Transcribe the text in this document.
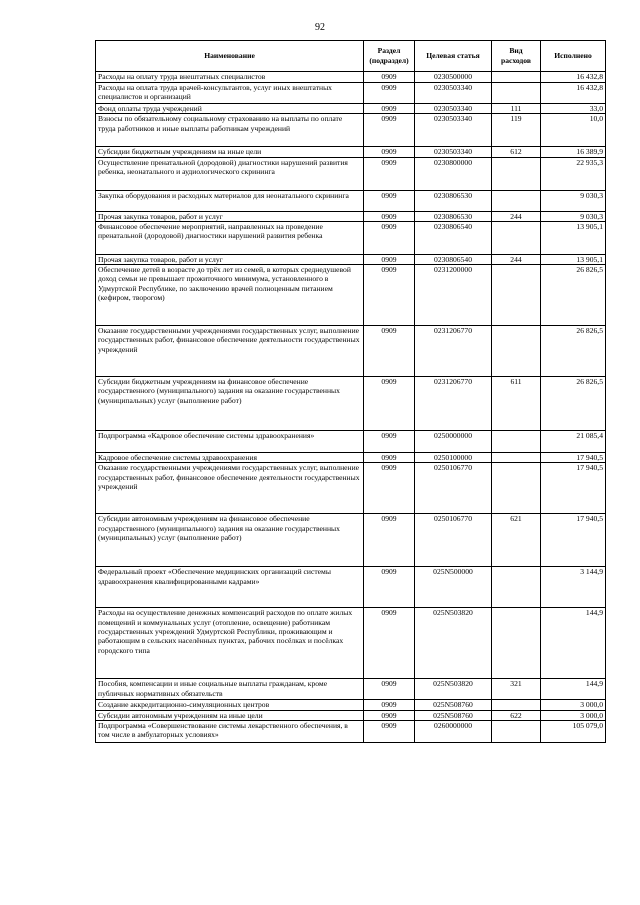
92
Наименование	Раздел (подраздел)	Целевая статья	Вид расходов	Исполнено
Расходы на оплату труда внештатных специалистов	0909	0230500000		16 432,8
Расходы на оплата труда врачей-консультантов, услуг иных внештатных специалистов и организаций	0909	0230503340		16 432,8
Фонд оплаты труда учреждений	0909	0230503340	111	33,0
Взносы по обязательному социальному страхованию на выплаты по оплате труда работников и иные выплаты работникам учреждений	0909	0230503340	119	10,0
Субсидии бюджетным учреждениям на иные цели	0909	0230503340	612	16 389,9
Осуществление пренатальной (дородовой) диагностики нарушений развития ребенка, неонатального и аудиологического скрининга	0909	0230800000		22 935,3
Закупка оборудования и расходных материалов для неонатального скрининга	0909	0230806530		9 030,3
Прочая закупка товаров, работ и услуг	0909	0230806530	244	9 030,3
Финансовое обеспечение мероприятий, направленных на проведение пренатальной (дородовой) диагностики нарушений развития ребенка	0909	0230806540		13 905,1
Прочая закупка товаров, работ и услуг	0909	0230806540	244	13 905,1
Обеспечение детей в возрасте до трёх лет из семей, в которых среднедушевой доход семьи не превышает прожиточного минимума, установленного в Удмуртской Республике, по заключению врачей полноценным питанием (кефиром, творогом)	0909	0231200000		26 826,5
Оказание государственными учреждениями государственных услуг, выполнение государственных работ, финансовое обеспечение деятельности государственных учреждений	0909	0231206770		26 826,5
Субсидии бюджетным учреждениям на финансовое обеспечение государственного (муниципального) задания на оказание государственных (муниципальных) услуг (выполнение работ)	0909	0231206770	611	26 826,5
Подпрограмма «Кадровое обеспечение системы здравоохранения»	0909	0250000000		21 085,4
Кадровое обеспечение системы здравоохранения	0909	0250100000		17 940,5
Оказание государственными учреждениями государственных услуг, выполнение государственных работ, финансовое обеспечение деятельности государственных учреждений	0909	0250106770		17 940,5
Субсидии автономным учреждениям на финансовое обеспечение государственного (муниципального) задания на оказание государственных (муниципальных) услуг (выполнение работ)	0909	0250106770	621	17 940,5
Федеральный проект «Обеспечение медицинских организаций системы здравоохранения квалифицированными кадрами»	0909	025N500000		3 144,9
Расходы на осуществление денежных компенсаций расходов по оплате жилых помещений и коммунальных услуг (отопление, освещение) работникам государственных учреждений Удмуртской Республики, проживающим и работающим в сельских населённых пунктах, рабочих посёлках и посёлках городского типа	0909	025N503820		144,9
Пособия, компенсации и иные социальные выплаты гражданам, кроме публичных нормативных обязательств	0909	025N503820	321	144,9
Создание аккредитационно-симуляционных центров	0909	025N508760		3 000,0
Субсидии автономным учреждениям на иные цели	0909	025N508760	622	3 000,0
Подпрограмма «Совершенствование системы лекарственного обеспечения, в том числе в амбулаторных условиях»	0909	0260000000		105 079,0
